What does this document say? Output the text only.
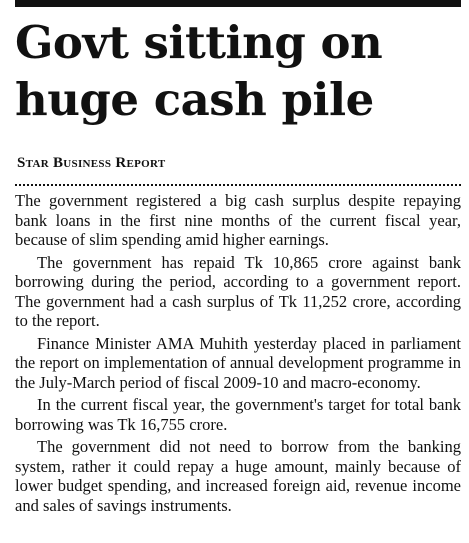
Govt sitting on
huge cash pile
Star Business Report

The government registered a big cash surplus despite repaying bank loans in the first nine months of the current fiscal year, because of slim spending amid higher earnings.

The government has repaid Tk 10,865 crore against bank borrowing during the period, according to a government report. The government had a cash surplus of Tk 11,252 crore, according to the report.

Finance Minister AMA Muhith yesterday placed in parliament the report on implementation of annual development programme in the July-March period of fiscal 2009-10 and macro-economy.

In the current fiscal year, the government's target for total bank borrowing was Tk 16,755 crore.

The government did not need to borrow from the banking system, rather it could repay a huge amount, mainly because of lower budget spending, and increased foreign aid, revenue income and sales of savings instruments.
